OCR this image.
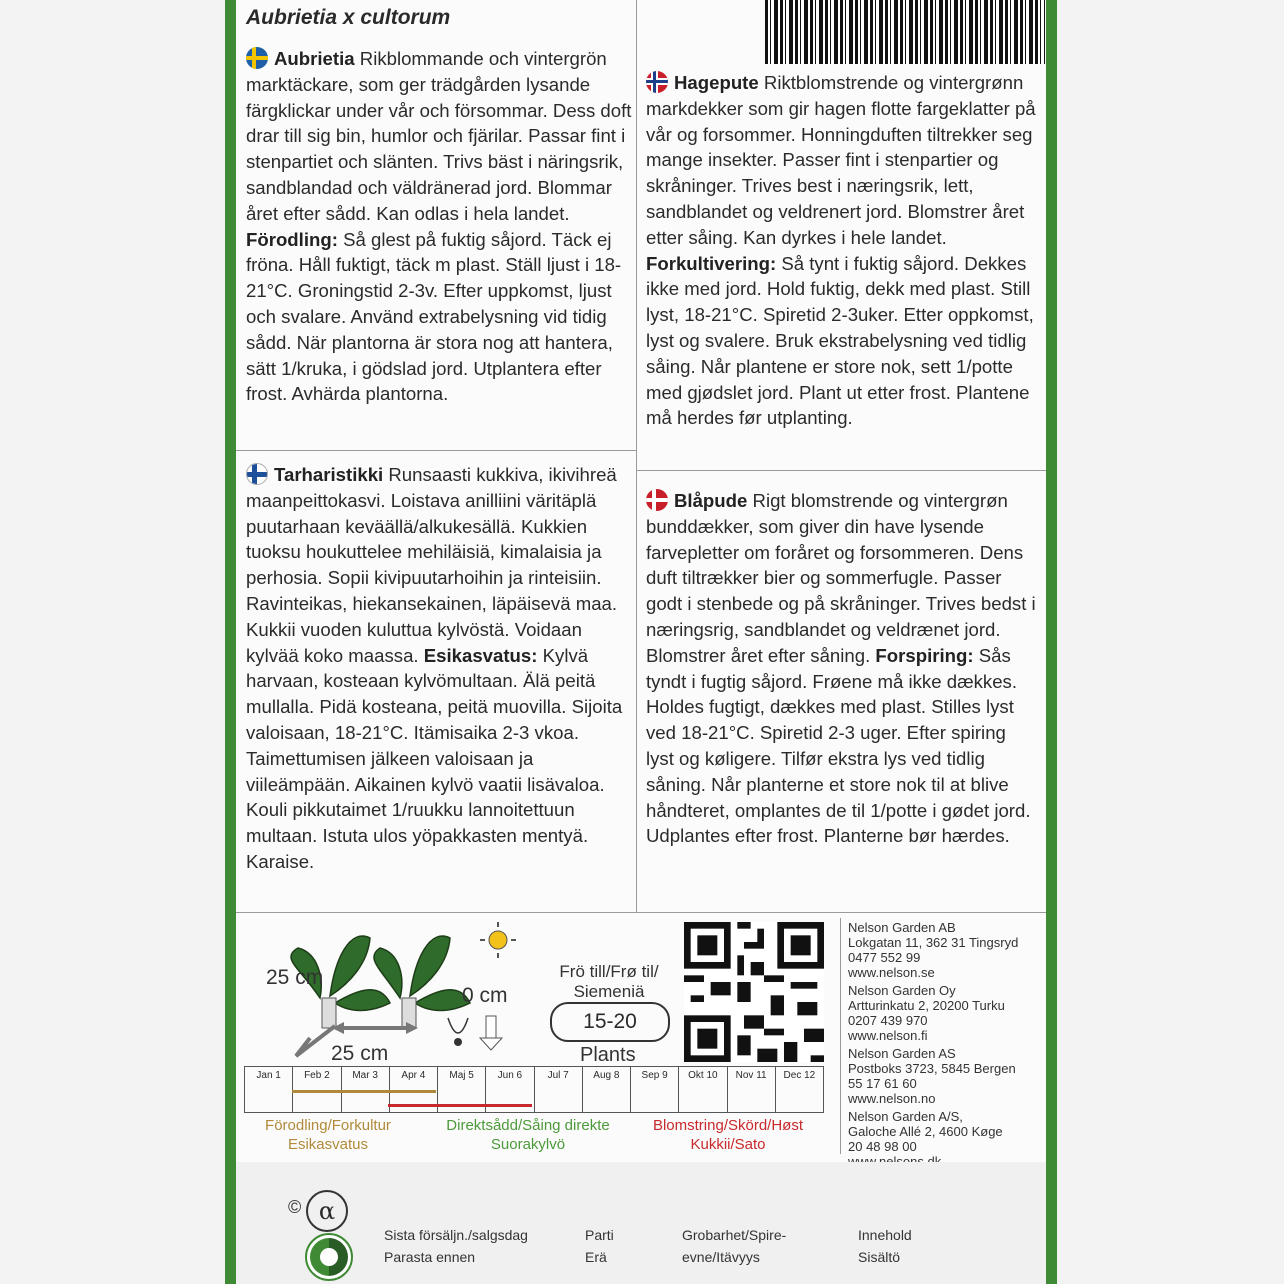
Aubrietia x cultorum
Aubrietia Rikblommande och vintergrön marktäckare, som ger trädgården lysande färgklickar under vår och försommar. Dess doft drar till sig bin, humlor och fjärilar. Passar fint i stenpartiet och slänten. Trivs bäst i näringsrik, sandblandad och väldränerad jord. Blommar året efter sådd. Kan odlas i hela landet. Förodling: Så glest på fuktig såjord. Täck ej fröna. Håll fuktigt, täck m plast. Ställ ljust i 18-21°C. Groningstid 2-3v. Efter uppkomst, ljust och svalare. Använd extrabelysning vid tidig sådd. När plantorna är stora nog att hantera, sätt 1/kruka, i gödslad jord. Utplantera efter frost. Avhärda plantorna.
Tarharistikki Runsaasti kukkiva, ikivihreä maanpeittokasvi. Loistava anilliini väritäplä puutarhaan keväällä/alkukesällä. Kukkien tuoksu houkuttelee mehiläisiä, kimalaisia ja perhosia. Sopii kivipuutarhoihin ja rinteisiin. Ravinteikas, hiekansekainen, läpäisevä maa. Kukkii vuoden kuluttua kylvöstä. Voidaan kylvää koko maassa. Esikasvatus: Kylvä harvaan, kosteaan kylvömultaan. Älä peitä mullalla. Pidä kosteana, peitä muovilla. Sijoita valoisaan, 18-21°C. Itämisaika 2-3 vkoa. Taimettumisen jälkeen valoisaan ja viileämpään. Aikainen kylvö vaatii lisävaloa. Kouli pikkutaimet 1/ruukku lannoitettuun multaan. Istuta ulos yöpakkasten mentyä. Karaise.
Hagepute Riktblomstrende og vintergrønn markdekker som gir hagen flotte fargeklatter på vår og forsommer. Honningduften tiltrekker seg mange insekter. Passer fint i stenpartier og skråninger. Trives best i næringsrik, lett, sandblandet og veldrenert jord. Blomstrer året etter såing. Kan dyrkes i hele landet. Forkultivering: Så tynt i fuktig såjord. Dekkes ikke med jord. Hold fuktig, dekk med plast. Still lyst, 18-21°C. Spiretid 2-3uker. Etter oppkomst, lyst og svalere. Bruk ekstrabelysning ved tidlig såing. Når plantene er store nok, sett 1/potte med gjødslet jord. Plant ut etter frost. Plantene må herdes før utplanting.
Blåpude Rigt blomstrende og vintergrøn bunddækker, som giver din have lysende farvepletter om foråret og forsommeren. Dens duft tiltrækker bier og sommerfugle. Passer godt i stenbede og på skråninger. Trives bedst i næringsrig, sandblandet og veldrænet jord. Blomstrer året efter såning. Forspiring: Sås tyndt i fugtig såjord. Frøene må ikke dækkes. Holdes fugtigt, dækkes med plast. Stilles lyst ved 18-21°C. Spiretid 2-3 uger. Efter spiring lyst og køligere. Tilfør ekstra lys ved tidlig såning. Når planterne et store nok til at blive håndteret, omplantes de til 1/potte i gødet jord. Udplantes efter frost. Planterne bør hærdes.
25 cm
25 cm
0 cm
Frö till/Frø til/
Siemeniä
15-20
Plants
Nelson Garden AB
Lokgatan 11, 362 31 Tingsryd
0477 552 99
www.nelson.se
Nelson Garden Oy
Artturinkatu 2, 20200 Turku
0207 439 970
www.nelson.fi
Nelson Garden AS
Postboks 3723, 5845 Bergen
55 17 61 60
www.nelson.no
Nelson Garden A/S,
Galoche Allé 2, 4600 Køge
20 48 98 00
Jan 1	Feb 2	Mar 3	Apr 4	Maj 5	Jun 6	Jul 7	Aug 8	Sep 9	Okt 10	Nov 11	Dec 12
Förodling/Forkultur
Esikasvatus
Direktsådd/Såing direkte
Suorakylvö
Blomstring/Skörd/Høst
Kukkii/Sato
© α
Sista försäljn./salgsdag
Parasta ennen
Parti
Erä
Grobarhet/Spire-
evne/Itävyys
Innehold
Sisältö
